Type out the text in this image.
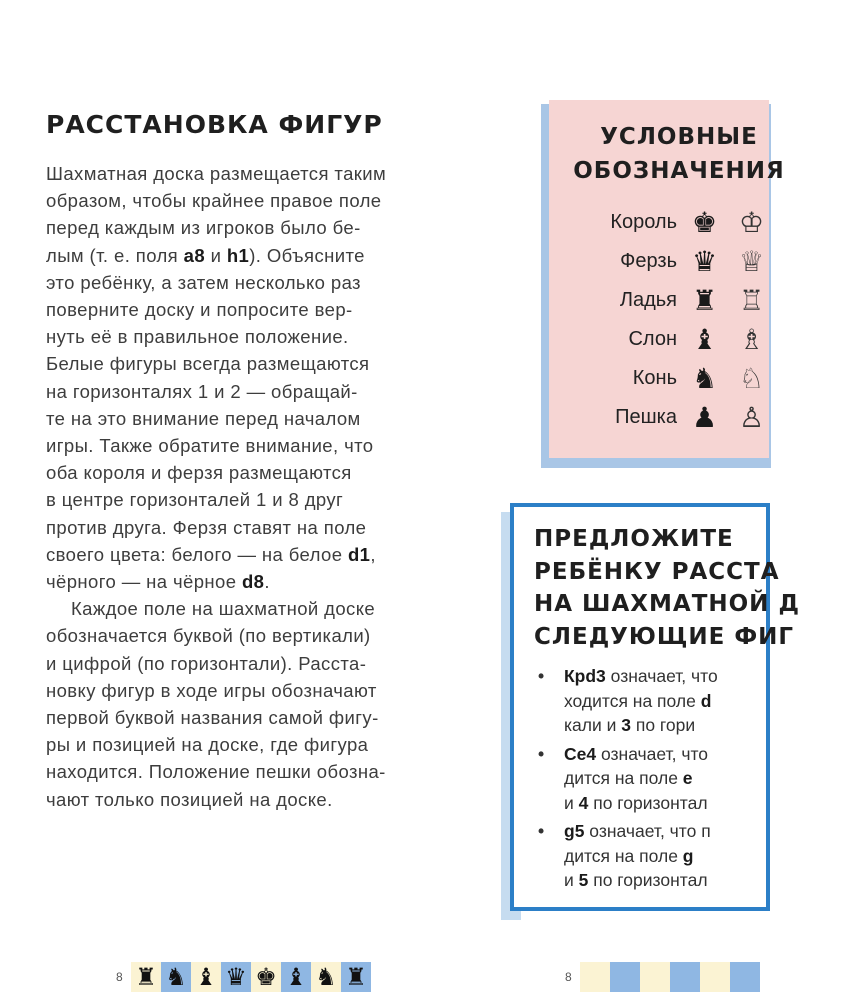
РАССТАНОВКА ФИГУР

Шахматная доска размещается таким
образом, чтобы крайнее правое поле
перед каждым из игроков было бе-
лым (т. е. поля a8 и h1). Объясните
это ребёнку, а затем несколько раз
поверните доску и попросите вер-
нуть её в правильное положение.
Белые фигуры всегда размещаются
на горизонталях 1 и 2 — обращай-
те на это внимание перед началом
игры. Также обратите внимание, что
оба короля и ферзя размещаются
в центре горизонталей 1 и 8 друг
против друга. Ферзя ставят на поле
своего цвета: белого — на белое d1,
чёрного — на чёрное d8.

Каждое поле на шахматной доске
обозначается буквой (по вертикали)
и цифрой (по горизонтали). Расста-
новку фигур в ходе игры обозначают
первой буквой названия самой фигу-
ры и позицией на доске, где фигура
находится. Положение пешки обозна-
чают только позицией на доске.

УСЛОВНЫЕ
ОБОЗНАЧЕНИЯ
Король ♚ ♔
Ферзь ♛ ♕
Ладья ♜ ♖
Слон ♝ ♗
Конь ♞ ♘
Пешка ♟ ♙
ПРЕДЛОЖИТЕ
РЕБЁНКУ РАССТА
НА ШАХМАТНОЙ Д
СЛЕДУЮЩИЕ ФИГ
• Крd3 означает, что
ходится на поле d
кали и 3 по гори
• Се4 означает, что
дится на поле e
и 4 по горизонтал
• g5 означает, что п
дится на поле g
и 5 по горизонтал
8 ♜ ♞ ♝ ♛ ♚ ♝ ♞ ♜	8
